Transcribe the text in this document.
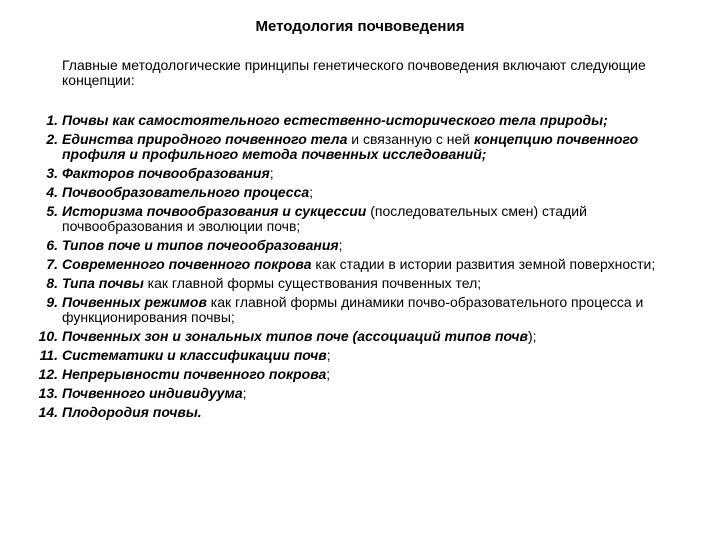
Методология почвоведения
Главные методологические принципы генетического почвоведения включают следующие концепции:
1. Почвы как самостоятельного естественно-исторического тела природы;
2. Единства природного почвенного тела и связанную с ней концепцию почвенного профиля и профильного метода почвенных исследований;
3. Факторов почвообразования;
4. Почвообразовательного процесса;
5. Историзма почвообразования и сукцессии (последовательных смен) стадий почвообразования и эволюции почв;
6. Типов поче и типов почеообразования;
7. Современного почвенного покрова как стадии в истории развития земной поверхности;
8. Типа почвы как главной формы существования почвенных тел;
9. Почвенных режимов как главной формы динамики почво-образовательного процесса и функционирования почвы;
10. Почвенных зон и зональных типов поче (ассоциаций типов почв);
11. Систематики и классификации почв;
12. Непрерывности почвенного покрова;
13. Почвенного индивидуума;
14. Плодородия почвы.
